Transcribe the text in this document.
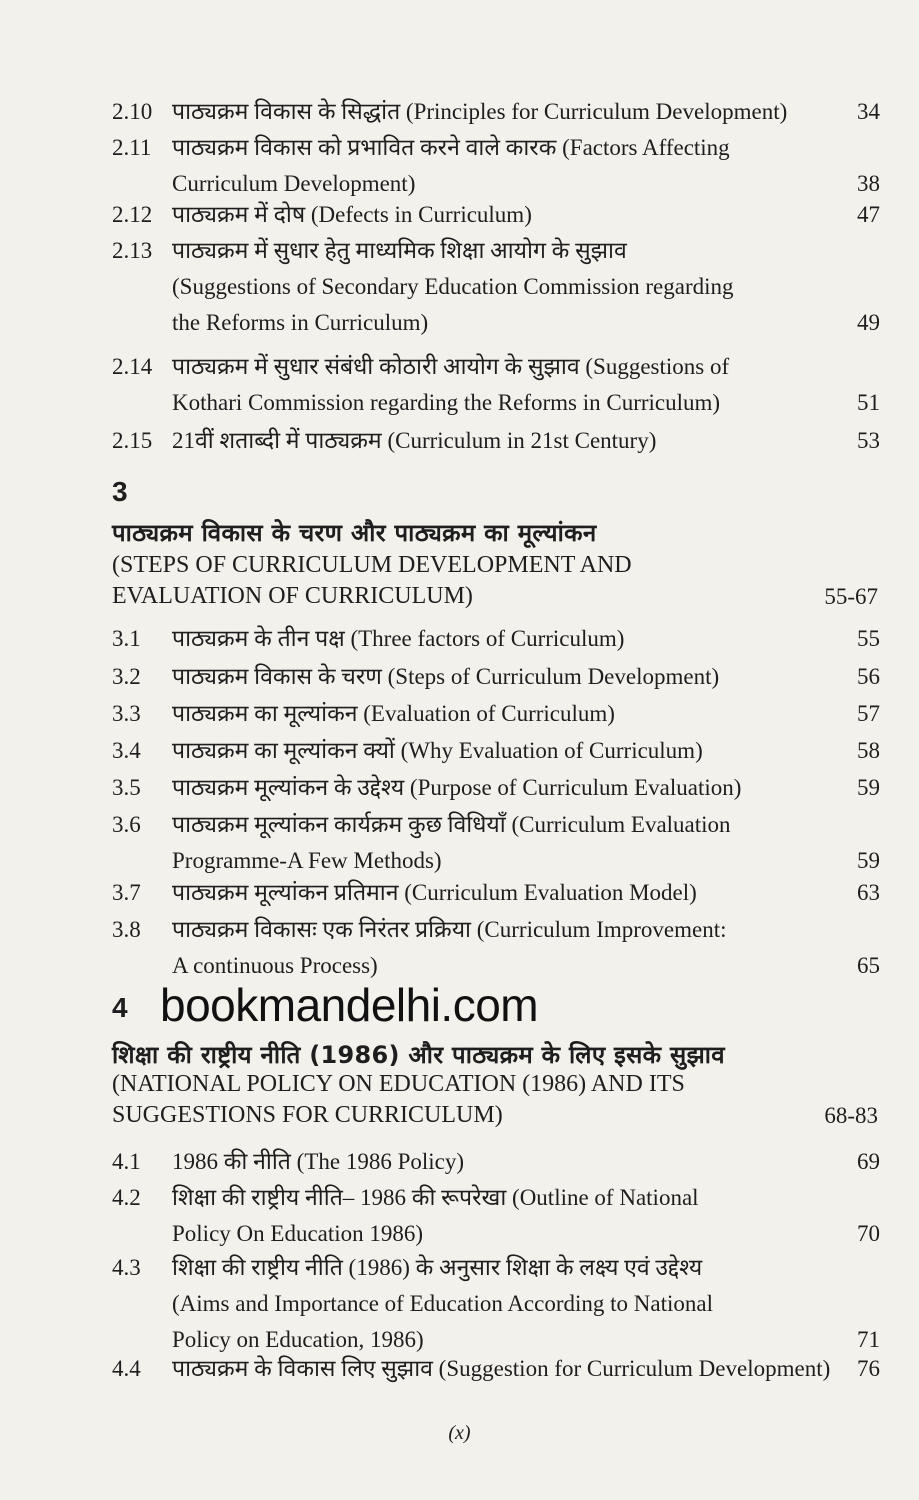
2.10 पाठ्यक्रम विकास के सिद्धांत (Principles for Curriculum Development)	34
2.11 पाठ्यक्रम विकास को प्रभावित करने वाले कारक (Factors Affecting
Curriculum Development)	38
2.12 पाठ्यक्रम में दोष (Defects in Curriculum)	47
2.13 पाठ्यक्रम में सुधार हेतु माध्यमिक शिक्षा आयोग के सुझाव
(Suggestions of Secondary Education Commission regarding
the Reforms in Curriculum)	49
2.14 पाठ्यक्रम में सुधार संबंधी कोठारी आयोग के सुझाव (Suggestions of
Kothari Commission regarding the Reforms in Curriculum)	51
2.15 21वीं शताब्दी में पाठ्यक्रम (Curriculum in 21st Century)	53
3
पाठ्यक्रम विकास के चरण और पाठ्यक्रम का मूल्यांकन
(STEPS OF CURRICULUM DEVELOPMENT AND
EVALUATION OF CURRICULUM)	55-67
3.1 पाठ्यक्रम के तीन पक्ष (Three factors of Curriculum)	55
3.2 पाठ्यक्रम विकास के चरण (Steps of Curriculum Development)	56
3.3 पाठ्यक्रम का मूल्यांकन (Evaluation of Curriculum)	57
3.4 पाठ्यक्रम का मूल्यांकन क्यों (Why Evaluation of Curriculum)	58
3.5 पाठ्यक्रम मूल्यांकन के उद्देश्य (Purpose of Curriculum Evaluation)	59
3.6 पाठ्यक्रम मूल्यांकन कार्यक्रम कुछ विधियाँ (Curriculum Evaluation
Programme-A Few Methods)	59
3.7 पाठ्यक्रम मूल्यांकन प्रतिमान (Curriculum Evaluation Model)	63
3.8 पाठ्यक्रम विकासः एक निरंतर प्रक्रिया (Curriculum Improvement:
A continuous Process)	65
4 bookmandelhi.com
शिक्षा की राष्ट्रीय नीति (1986) और पाठ्यक्रम के लिए इसके सुझाव
(NATIONAL POLICY ON EDUCATION (1986) AND ITS
SUGGESTIONS FOR CURRICULUM)	68-83
4.1 1986 की नीति (The 1986 Policy)	69
4.2 शिक्षा की राष्ट्रीय नीति– 1986 की रूपरेखा (Outline of National
Policy On Education 1986)	70
4.3 शिक्षा की राष्ट्रीय नीति (1986) के अनुसार शिक्षा के लक्ष्य एवं उद्देश्य
(Aims and Importance of Education According to National
Policy on Education, 1986)	71
4.4 पाठ्यक्रम के विकास लिए सुझाव (Suggestion for Curriculum Development) 76
(x)
